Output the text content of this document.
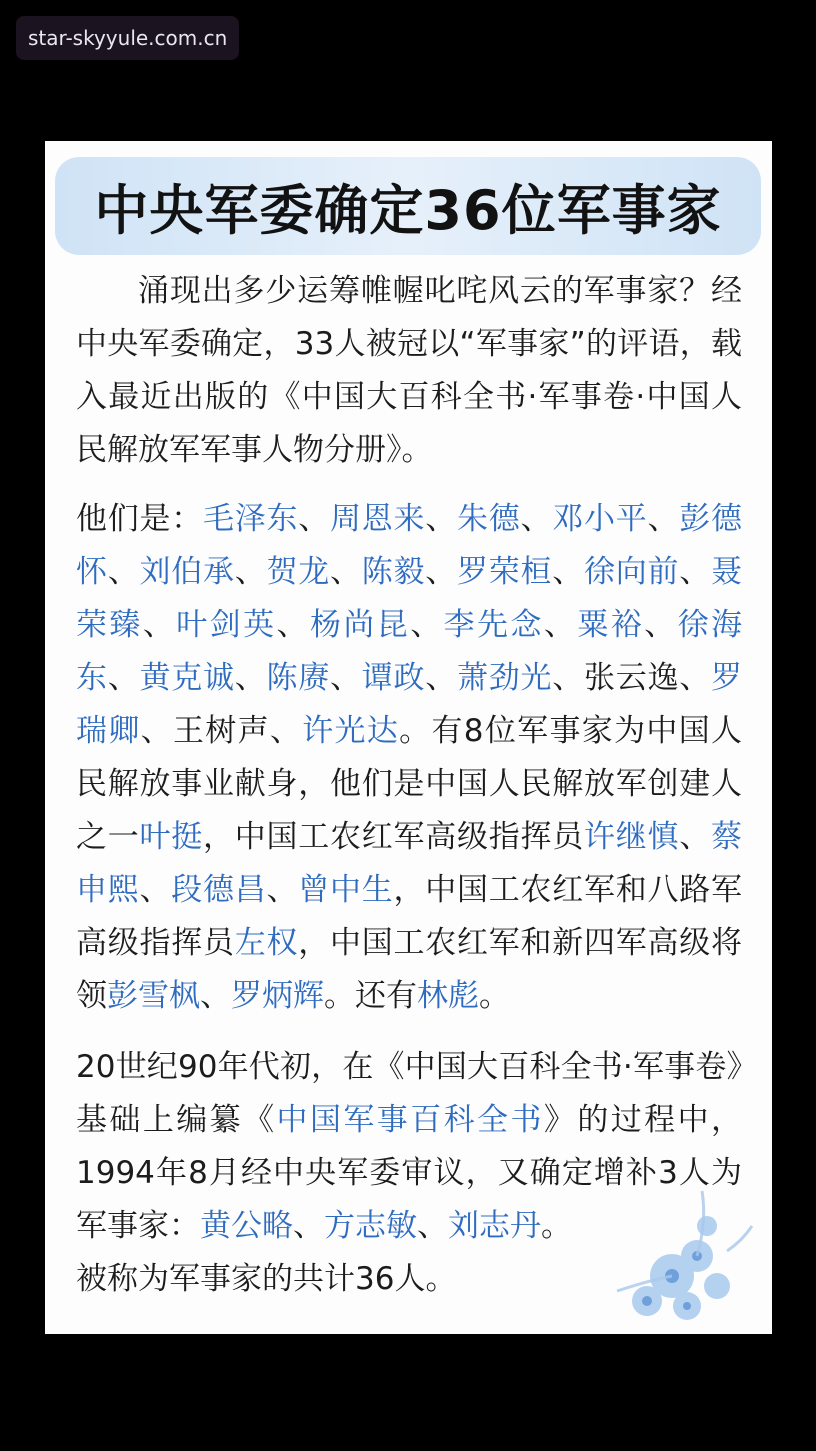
star-skyyule.com.cn
中央军委确定36位军事家

涌现出多少运筹帷幄叱咤风云的军事家？经中央军委确定，33人被冠以“军事家”的评语，载入最近出版的《中国大百科全书·军事卷·中国人民解放军军事人物分册》。

他们是：毛泽东、周恩来、朱德、邓小平、彭德怀、刘伯承、贺龙、陈毅、罗荣桓、徐向前、聂荣臻、叶剑英、杨尚昆、李先念、粟裕、徐海东、黄克诚、陈赓、谭政、萧劲光、张云逸、罗瑞卿、王树声、许光达。有8位军事家为中国人民解放事业献身，他们是中国人民解放军创建人之一叶挺，中国工农红军高级指挥员许继慎、蔡申熙、段德昌、曾中生，中国工农红军和八路军高级指挥员左权，中国工农红军和新四军高级将领彭雪枫、罗炳辉。还有林彪。

20世纪90年代初，在《中国大百科全书·军事卷》基础上编纂《中国军事百科全书》的过程中，1994年8月经中央军委审议，又确定增补3人为军事家：黄公略、方志敏、刘志丹。
被称为军事家的共计36人。
